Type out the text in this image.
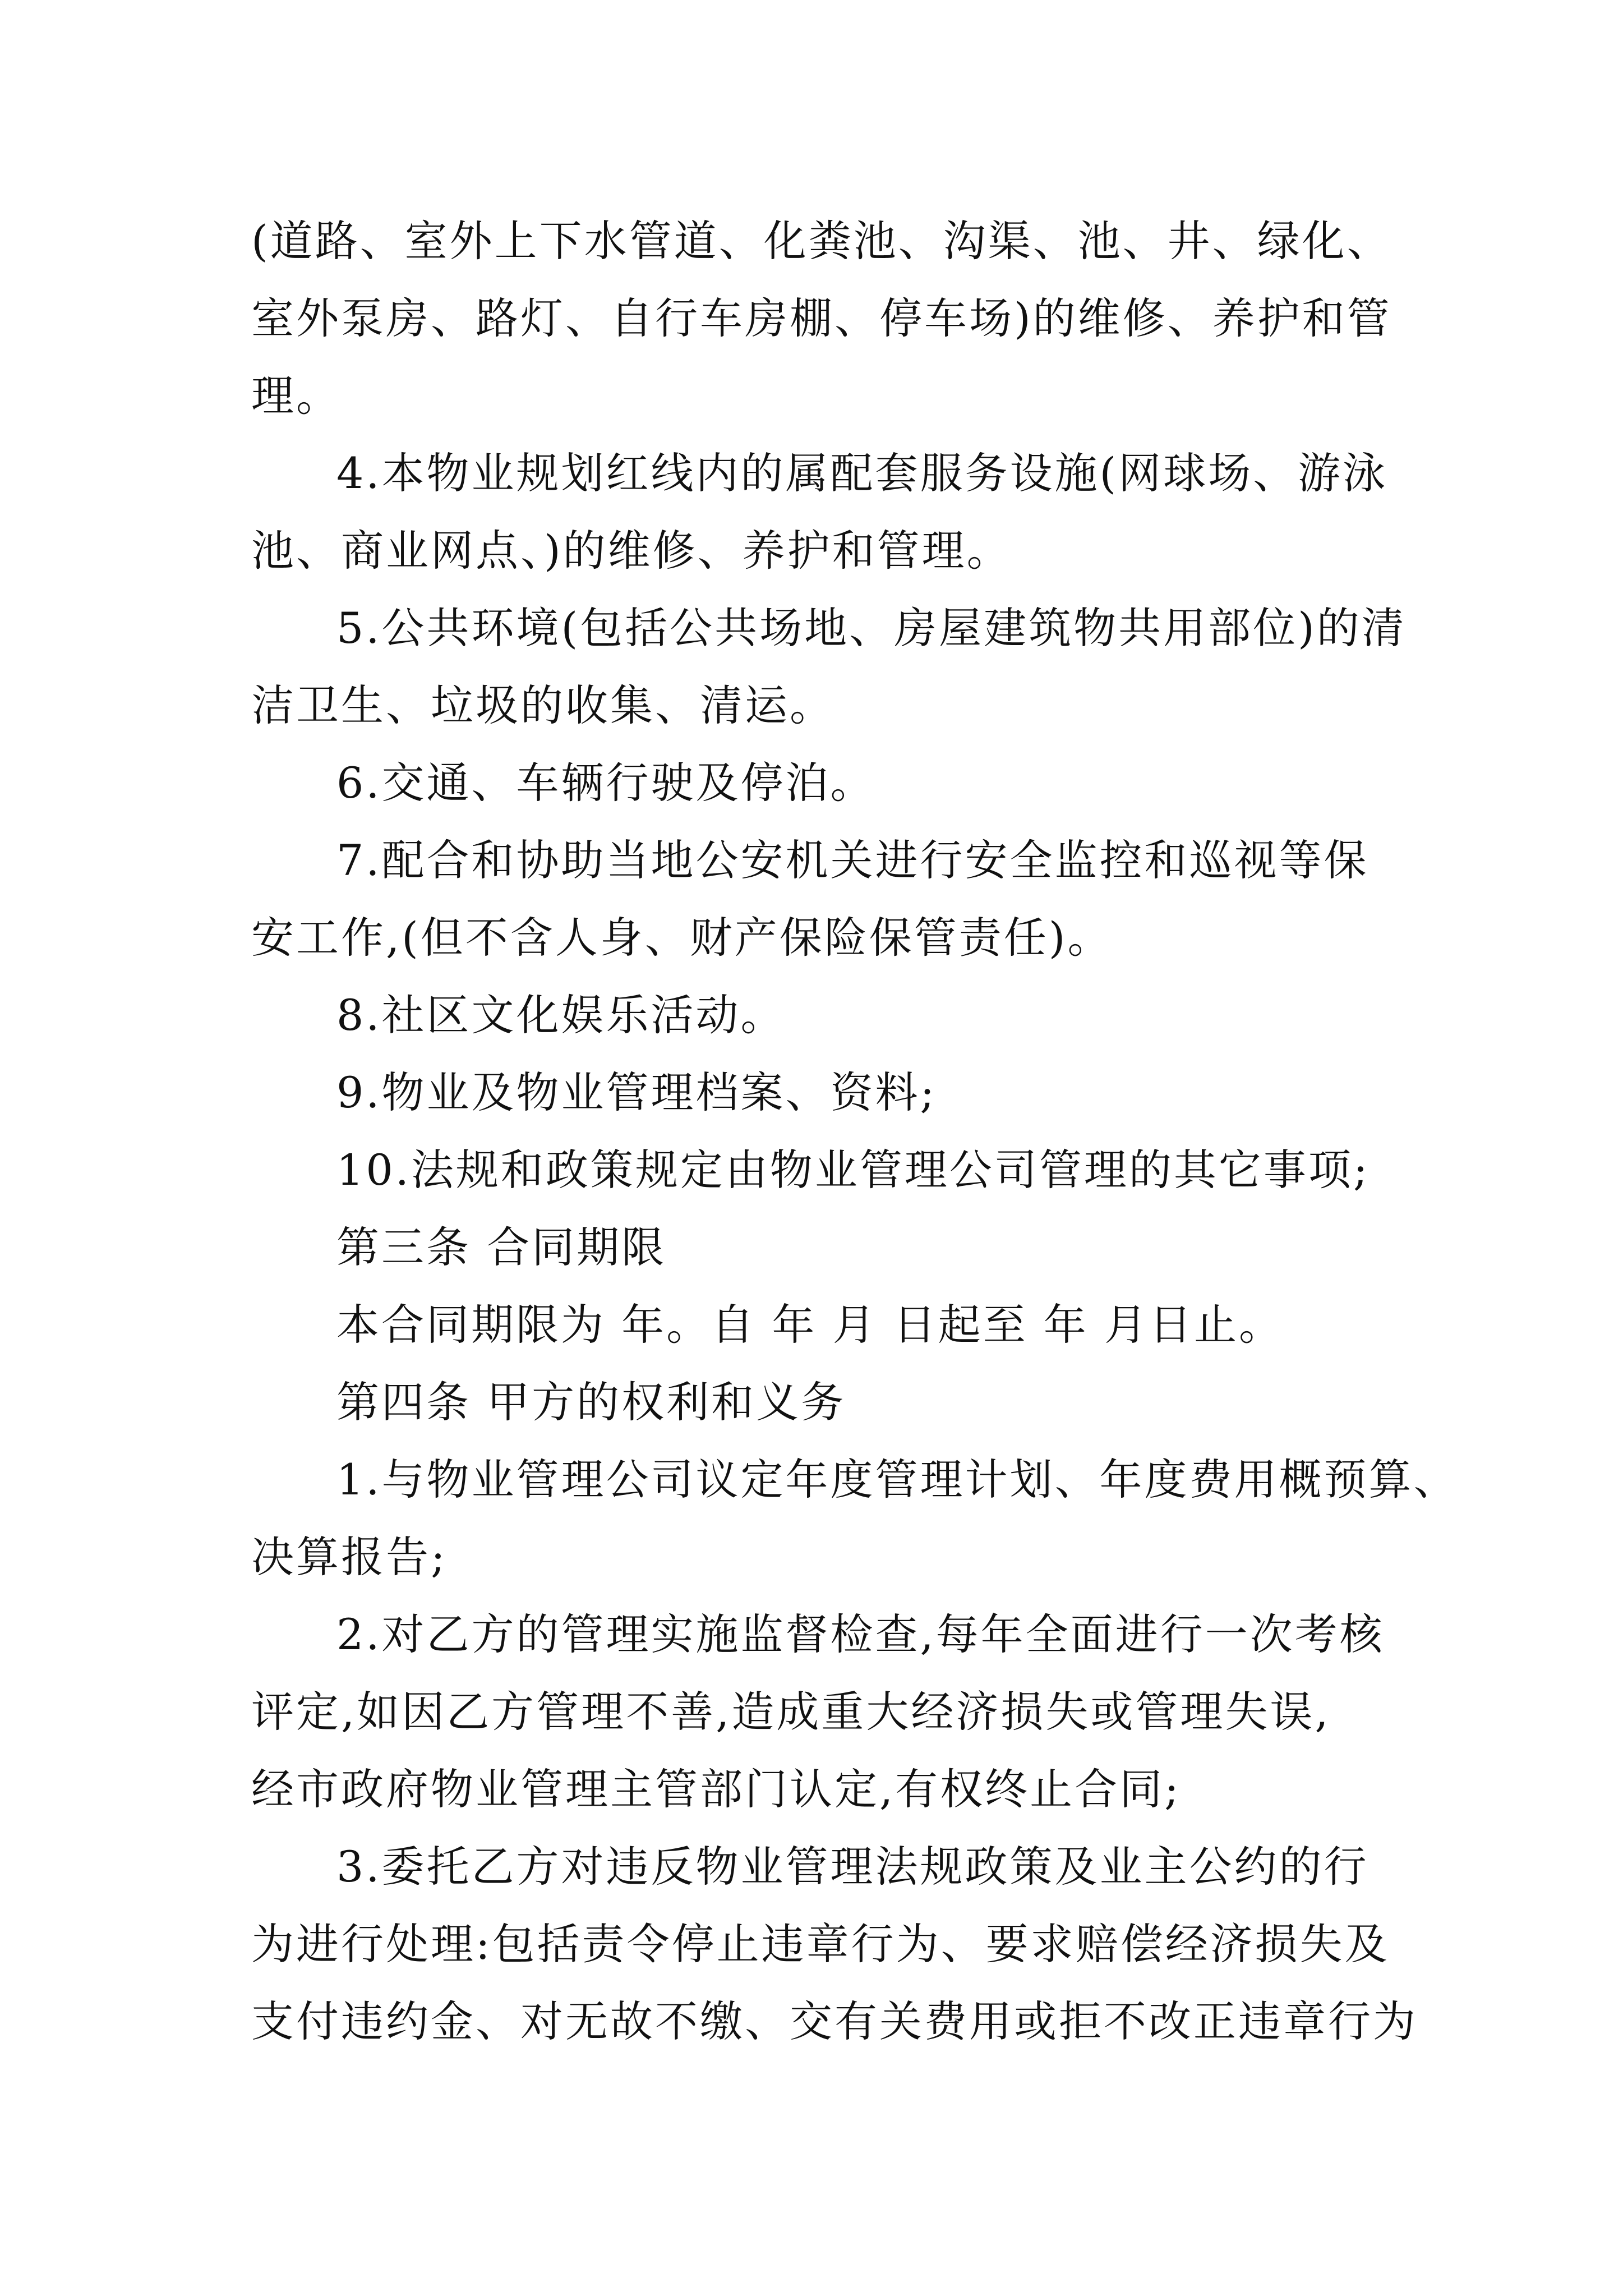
(道路、室外上下水管道、化粪池、沟渠、池、井、绿化、
室外泵房、路灯、自行车房棚、停车场)的维修、养护和管
理。
4.本物业规划红线内的属配套服务设施(网球场、游泳
池、商业网点、)的维修、养护和管理。
5.公共环境(包括公共场地、房屋建筑物共用部位)的清
洁卫生、垃圾的收集、清运。
6.交通、车辆行驶及停泊。
7.配合和协助当地公安机关进行安全监控和巡视等保
安工作,(但不含人身、财产保险保管责任)。
8.社区文化娱乐活动。
9.物业及物业管理档案、资料;
10.法规和政策规定由物业管理公司管理的其它事项;
第三条 合同期限
本合同期限为 年。自 年 月 日起至 年 月日止。
第四条 甲方的权利和义务
1.与物业管理公司议定年度管理计划、年度费用概预算、
决算报告;
2.对乙方的管理实施监督检查,每年全面进行一次考核
评定,如因乙方管理不善,造成重大经济损失或管理失误,
经市政府物业管理主管部门认定,有权终止合同;
3.委托乙方对违反物业管理法规政策及业主公约的行
为进行处理:包括责令停止违章行为、要求赔偿经济损失及
支付违约金、对无故不缴、交有关费用或拒不改正违章行为
